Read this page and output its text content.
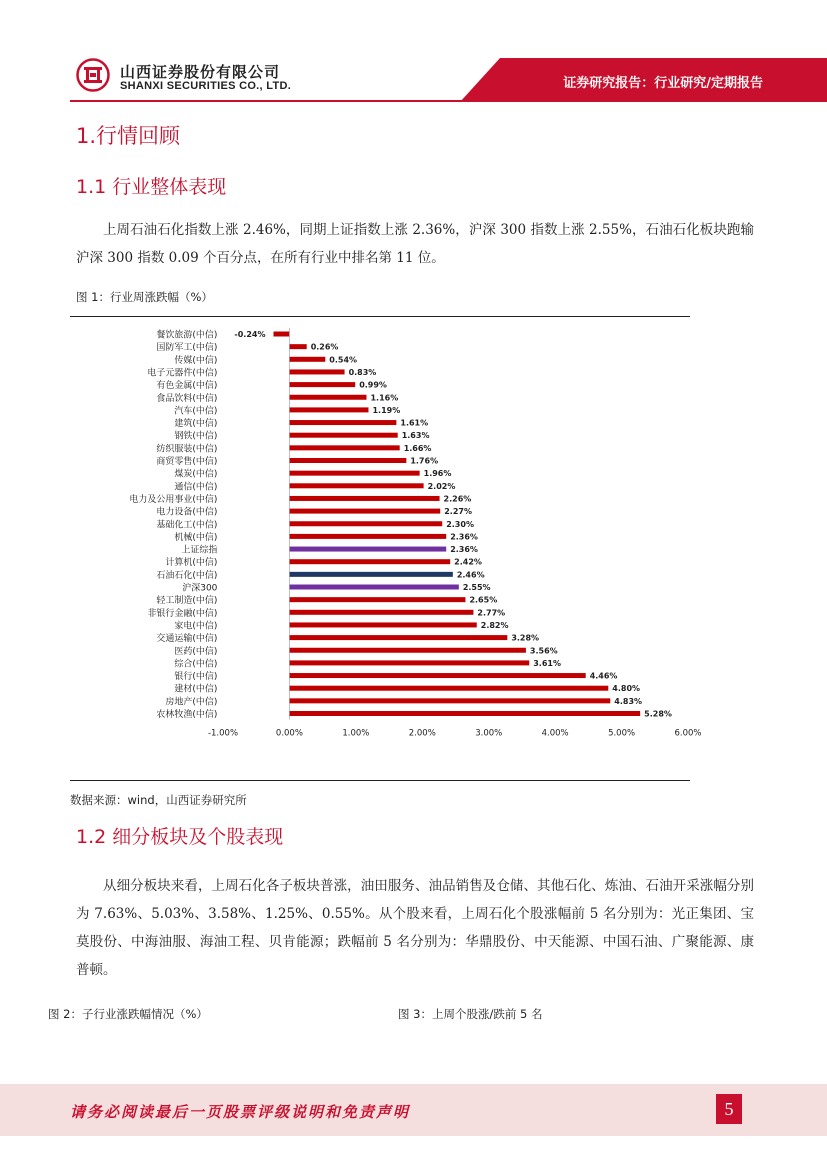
山西证券股份有限公司
SHANXI SECURITIES CO., LTD.	证券研究报告：行业研究/定期报告
1.行情回顾
1.1 行业整体表现
上周石油石化指数上涨 2.46%，同期上证指数上涨 2.36%，沪深 300 指数上涨 2.55%，石油石化板块跑输沪深 300 指数 0.09 个百分点，在所有行业中排名第 11 位。
图 1：行业周涨跌幅（%）
餐饮旅游(中信) -0.24%
国防军工(中信)	0.26%
传媒(中信)	0.54%
电子元器件(中信)	0.83%
有色金属(中信)	0.99%
食品饮料(中信)	1.16%
汽车(中信)	1.19%
建筑(中信)	1.61%
钢铁(中信)	1.63%
纺织服装(中信)	1.66%
商贸零售(中信)	1.76%
煤炭(中信)	1.96%
通信(中信)	2.02%
电力及公用事业(中信)	2.26%
电力设备(中信)	2.27%
基础化工(中信)	2.30%
机械(中信)	2.36%
上证综指	2.36%
计算机(中信)	2.42%
石油石化(中信)	2.46%
沪深300	2.55%
轻工制造(中信)	2.65%
非银行金融(中信)	2.77%
家电(中信)	2.82%
交通运输(中信)	3.28%
医药(中信)	3.56%
综合(中信)	3.61%
银行(中信)	4.46%
建材(中信)	4.80%
房地产(中信)	4.83%
农林牧渔(中信)	5.28%
-1.00%	0.00%	1.00%	2.00%	3.00%	4.00%	5.00%	6.00%
数据来源：wind，山西证券研究所
1.2 细分板块及个股表现
从细分板块来看，上周石化各子板块普涨，油田服务、油品销售及仓储、其他石化、炼油、石油开采涨幅分别为 7.63%、5.03%、3.58%、1.25%、0.55%。从个股来看，上周石化个股涨幅前 5 名分别为：光正集团、宝莫股份、中海油服、海油工程、贝肯能源；跌幅前 5 名分别为：华鼎股份、中天能源、中国石油、广聚能源、康普顿。
图 2：子行业涨跌幅情况（%）	图 3：上周个股涨/跌前 5 名
请务必阅读最后一页股票评级说明和免责声明	5
